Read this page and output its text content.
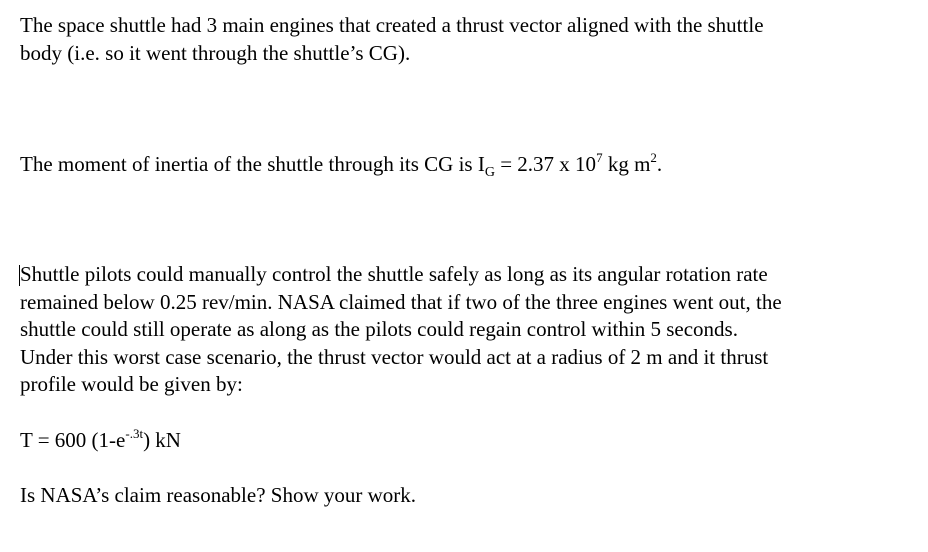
The space shuttle had 3 main engines that created a thrust vector aligned with the shuttle
body (i.e. so it went through the shuttle’s CG).

The moment of inertia of the shuttle through its CG is $I_G = 2.37$ x $10^7$ kg $m^2$.

Shuttle pilots could manually control the shuttle safely as long as its angular rotation rate
remained below 0.25 rev/min. NASA claimed that if two of the three engines went out, the
shuttle could still operate as along as the pilots could regain control within 5 seconds.
Under this worst case scenario, the thrust vector would act at a radius of 2 m and it thrust
profile would be given by:

T = 600 $(1-e^{-.3t})$ kN

Is NASA’s claim reasonable? Show your work.
